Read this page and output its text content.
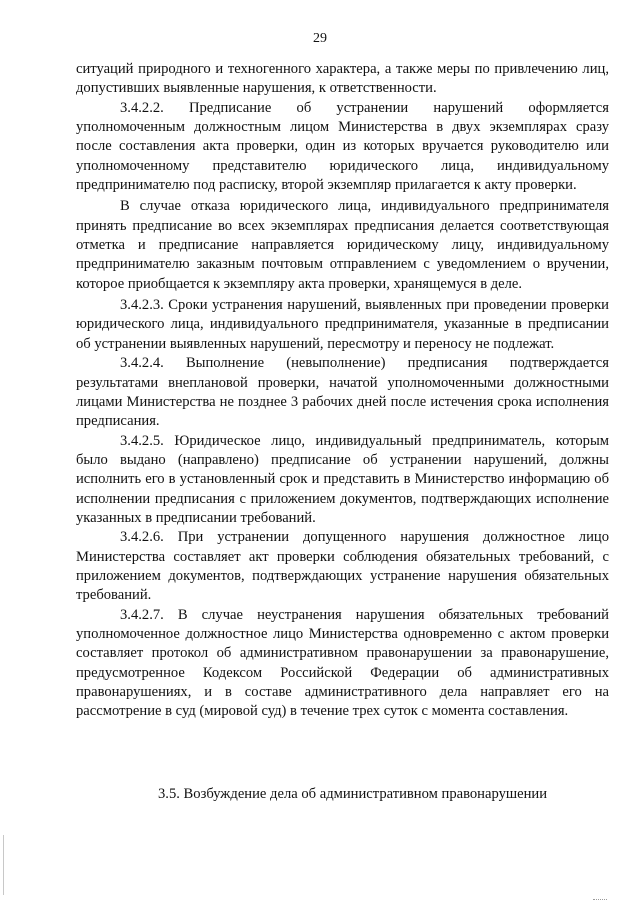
29

ситуаций природного и техногенного характера, а также меры по привлечению лиц, допустивших выявленные нарушения, к ответственности.

3.4.2.2. Предписание об устранении нарушений оформляется уполномоченным должностным лицом Министерства в двух экземплярах сразу после составления акта проверки, один из которых вручается руководителю или уполномоченному представителю юридического лица, индивидуальному предпринимателю под расписку, второй экземпляр прилагается к акту проверки.

В случае отказа юридического лица, индивидуального предпринимателя принять предписание во всех экземплярах предписания делается соответствующая отметка и предписание направляется юридическому лицу, индивидуальному предпринимателю заказным почтовым отправлением с уведомлением о вручении, которое приобщается к экземпляру акта проверки, хранящемуся в деле.

3.4.2.3. Сроки устранения нарушений, выявленных при проведении проверки юридического лица, индивидуального предпринимателя, указанные в предписании об устранении выявленных нарушений, пересмотру и переносу не подлежат.

3.4.2.4. Выполнение (невыполнение) предписания подтверждается результатами внеплановой проверки, начатой уполномоченными должностными лицами Министерства не позднее 3 рабочих дней после истечения срока исполнения предписания.

3.4.2.5. Юридическое лицо, индивидуальный предприниматель, которым было выдано (направлено) предписание об устранении нарушений, должны исполнить его в установленный срок и представить в Министерство информацию об исполнении предписания с приложением документов, подтверждающих исполнение указанных в предписании требований.

3.4.2.6. При устранении допущенного нарушения должностное лицо Министерства составляет акт проверки соблюдения обязательных требований, с приложением документов, подтверждающих устранение нарушения обязательных требований.

3.4.2.7. В случае неустранения нарушения обязательных требований уполномоченное должностное лицо Министерства одновременно с актом проверки составляет протокол об административном правонарушении за правонарушение, предусмотренное Кодексом Российской Федерации об административных правонарушениях, и в составе административного дела направляет его на рассмотрение в суд (мировой суд) в течение трех суток с момента составления.

3.5. Возбуждение дела об административном правонарушении
